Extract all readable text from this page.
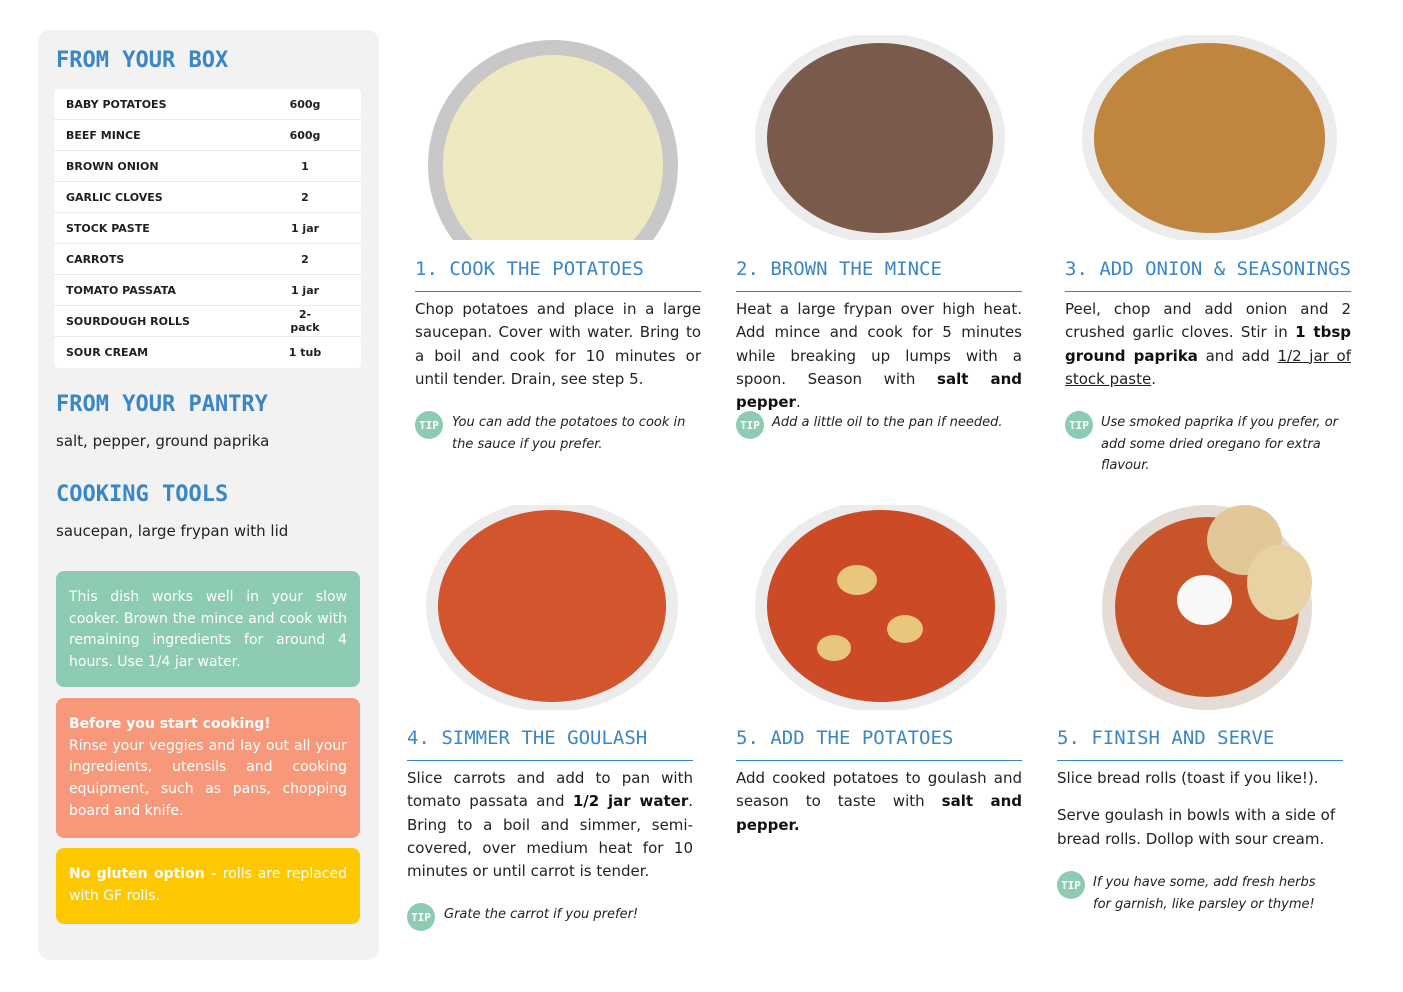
FROM YOUR BOX
BABY POTATOES	600g
BEEF MINCE	600g
BROWN ONION	1
GARLIC CLOVES	2
STOCK PASTE	1 jar
CARROTS	2
TOMATO PASSATA	1 jar
SOURDOUGH ROLLS	2-pack
SOUR CREAM	1 tub
FROM YOUR PANTRY
salt, pepper, ground paprika
COOKING TOOLS
saucepan, large frypan with lid
This dish works well in your slow cooker. Brown the mince and cook with remaining ingredients for around 4 hours. Use 1/4 jar water.
Before you start cooking!
Rinse your veggies and lay out all your ingredients, utensils and cooking equipment, such as pans, chopping board and knife.
No gluten option - rolls are replaced with GF rolls.
1. COOK THE POTATOES
Chop potatoes and place in a large saucepan. Cover with water. Bring to a boil and cook for 10 minutes or until tender. Drain, see step 5.
TIP	You can add the potatoes to cook in the sauce if you prefer.
2. BROWN THE MINCE
Heat a large frypan over high heat. Add mince and cook for 5 minutes while breaking up lumps with a spoon. Season with salt and pepper.
TIP Add a little oil to the pan if needed.
3. ADD ONION & SEASONINGS
Peel, chop and add onion and 2 crushed garlic cloves. Stir in 1 tbsp ground paprika and add 1/2 jar of stock paste.
TIP Use smoked paprika if you prefer, or add some dried oregano for extra flavour.
4. SIMMER THE GOULASH
Slice carrots and add to pan with tomato passata and 1/2 jar water. Bring to a boil and simmer, semi-covered, over medium heat for 10 minutes or until carrot is tender.
TIP	Grate the carrot if you prefer!
5. ADD THE POTATOES
Add cooked potatoes to goulash and season to taste with salt and pepper.
5. FINISH AND SERVE
Slice bread rolls (toast if you like!).
Serve goulash in bowls with a side of bread rolls. Dollop with sour cream.
TIP If you have some, add fresh herbs for garnish, like parsley or thyme!
